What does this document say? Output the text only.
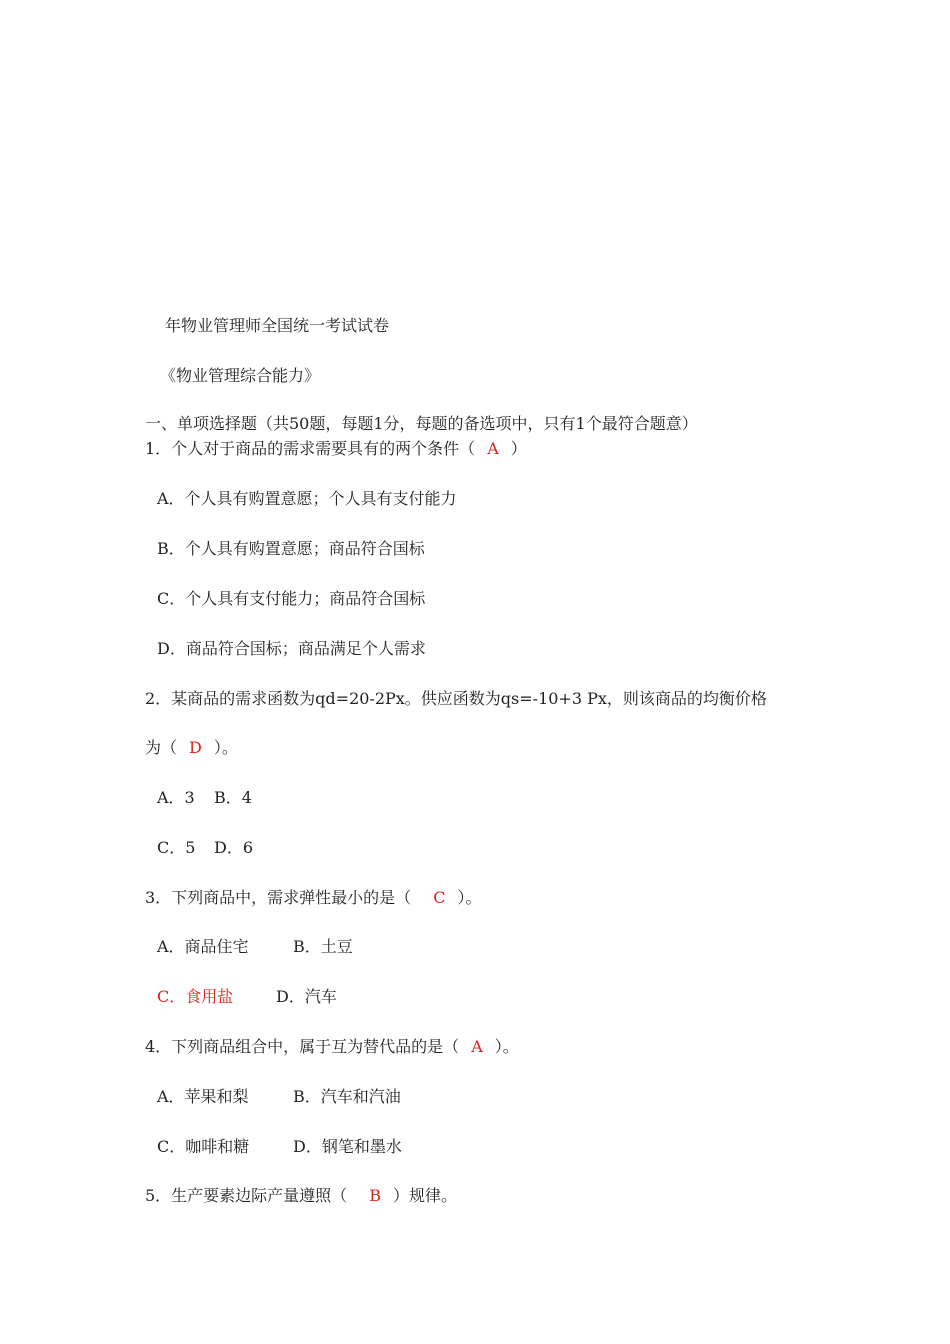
年物业管理师全国统一考试试卷
《物业管理综合能力》
一、单项选择题（共50题，每题1分，每题的备选项中，只有1个最符合题意）
1．个人对于商品的需求需要具有的两个条件（ A ）
A．个人具有购置意愿；个人具有支付能力
B．个人具有购置意愿；商品符合国标
C．个人具有支付能力；商品符合国标
D．商品符合国标；商品满足个人需求
2．某商品的需求函数为qd=20-2Px。供应函数为qs=-10+3 Px，则该商品的均衡价格
为（ D ）。
A．3 B．4
C．5 D．6
3．下列商品中，需求弹性最小的是（ C ）。
A．商品住宅	B．土豆
C．食用盐	D．汽车
4．下列商品组合中，属于互为替代品的是（ A ）。
A．苹果和梨	B．汽车和汽油
C．咖啡和糖	D．钢笔和墨水
5．生产要素边际产量遵照（ B ）规律。
